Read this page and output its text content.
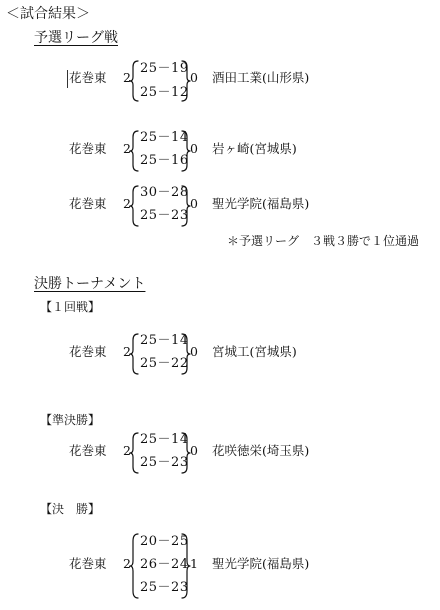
＜試合結果＞
予選リーグ戦
花巻東 2
25－19
25－12
0 酒田工業(山形県)
花巻東 2
25－14
25－16
0 岩ヶ崎(宮城県)
花巻東 2
30－28
25－23
0 聖光学院(福島県)
＊予選リーグ　３戦３勝で１位通過
決勝トーナメント
【１回戦】
花巻東 2
25－14
25－22
0 宮城工(宮城県)
【準決勝】
花巻東 2
25－14
25－23
0 花咲徳栄(埼玉県)
【決　勝】
花巻東 2
20－25
26－24
25－23
1 聖光学院(福島県)
